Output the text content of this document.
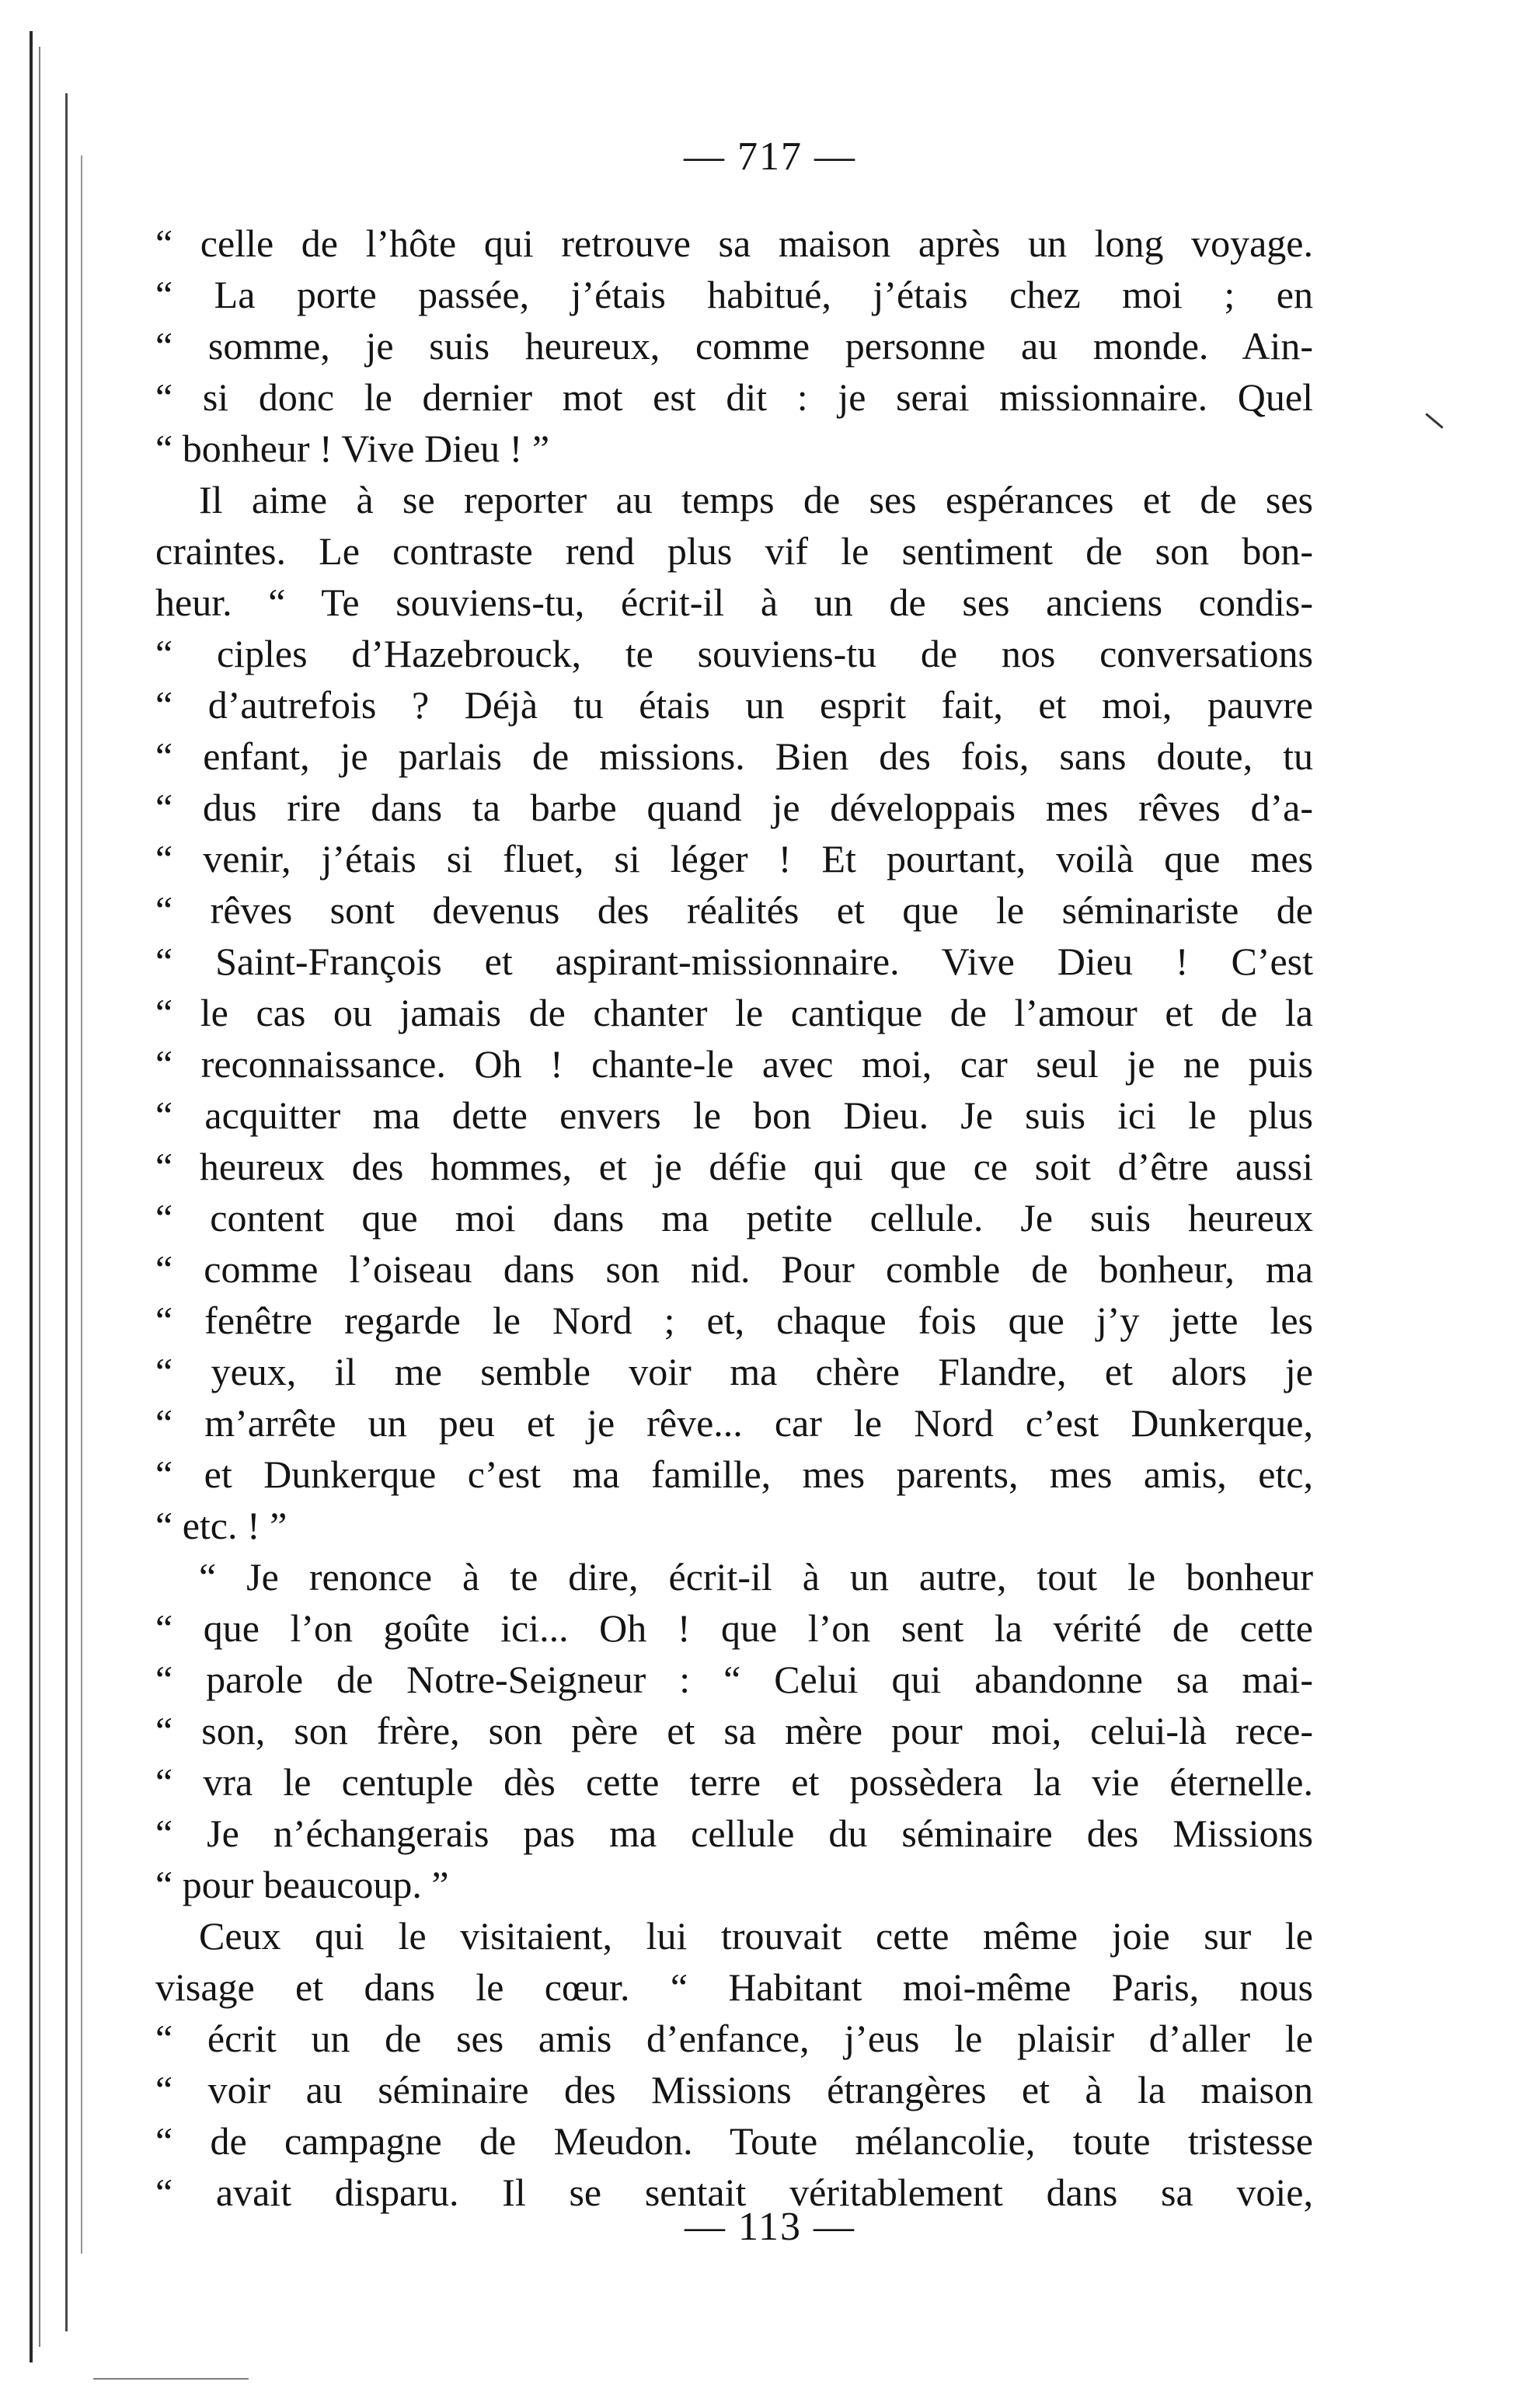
— 717 —
“ celle de l’hôte qui retrouve sa maison après un long voyage.
“ La porte passée, j’étais habitué, j’étais chez moi ; en
“ somme, je suis heureux, comme personne au monde. Ain-
“ si donc le dernier mot est dit : je serai missionnaire. Quel
“ bonheur ! Vive Dieu ! ”
Il aime à se reporter au temps de ses espérances et de ses
craintes. Le contraste rend plus vif le sentiment de son bon-
heur. “ Te souviens-tu, écrit-il à un de ses anciens condis-
“ ciples d’Hazebrouck, te souviens-tu de nos conversations
“ d’autrefois ? Déjà tu étais un esprit fait, et moi, pauvre
“ enfant, je parlais de missions. Bien des fois, sans doute, tu
“ dus rire dans ta barbe quand je développais mes rêves d’a-
“ venir, j’étais si fluet, si léger ! Et pourtant, voilà que mes
“ rêves sont devenus des réalités et que le séminariste de
“ Saint-François et aspirant-missionnaire. Vive Dieu ! C’est
“ le cas ou jamais de chanter le cantique de l’amour et de la
“ reconnaissance. Oh ! chante-le avec moi, car seul je ne puis
“ acquitter ma dette envers le bon Dieu. Je suis ici le plus
“ heureux des hommes, et je défie qui que ce soit d’être aussi
“ content que moi dans ma petite cellule. Je suis heureux
“ comme l’oiseau dans son nid. Pour comble de bonheur, ma
“ fenêtre regarde le Nord ; et, chaque fois que j’y jette les
“ yeux, il me semble voir ma chère Flandre, et alors je
“ m’arrête un peu et je rêve... car le Nord c’est Dunkerque,
“ et Dunkerque c’est ma famille, mes parents, mes amis, etc,
“ etc. ! ”
“ Je renonce à te dire, écrit-il à un autre, tout le bonheur
“ que l’on goûte ici... Oh ! que l’on sent la vérité de cette
“ parole de Notre-Seigneur : “ Celui qui abandonne sa mai-
“ son, son frère, son père et sa mère pour moi, celui-là rece-
“ vra le centuple dès cette terre et possèdera la vie éternelle.
“ Je n’échangerais pas ma cellule du séminaire des Missions
“ pour beaucoup. ”
Ceux qui le visitaient, lui trouvait cette même joie sur le
visage et dans le cœur. “ Habitant moi-même Paris, nous
“ écrit un de ses amis d’enfance, j’eus le plaisir d’aller le
“ voir au séminaire des Missions étrangères et à la maison
“ de campagne de Meudon. Toute mélancolie, toute tristesse
“ avait disparu. Il se sentait véritablement dans sa voie,
— 113 —
